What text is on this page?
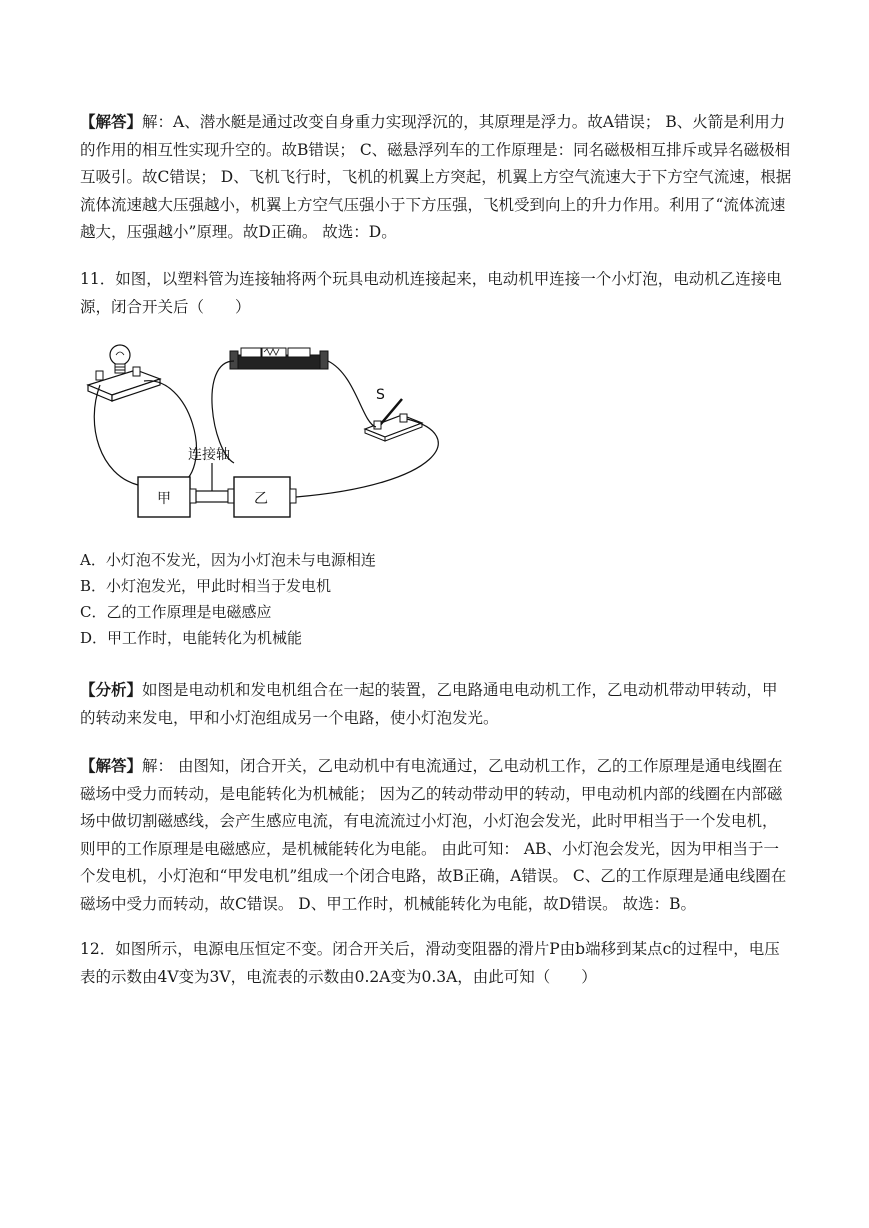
【解答】解：A、潜水艇是通过改变自身重力实现浮沉的，其原理是浮力。故A错误； B、火箭是利用力的作用的相互性实现升空的。故B错误； C、磁悬浮列车的工作原理是：同名磁极相互排斥或异名磁极相互吸引。故C错误； D、飞机飞行时，飞机的机翼上方突起，机翼上方空气流速大于下方空气流速，根据流体流速越大压强越小，机翼上方空气压强小于下方压强，飞机受到向上的升力作用。利用了“流体流速越大，压强越小”原理。故D正确。 故选：D。

11．如图，以塑料管为连接轴将两个玩具电动机连接起来，电动机甲连接一个小灯泡，电动机乙连接电源，闭合开关后（　　）

S
甲
连接轴
乙

A．小灯泡不发光，因为小灯泡未与电源相连

B．小灯泡发光，甲此时相当于发电机

C．乙的工作原理是电磁感应

D．甲工作时，电能转化为机械能

【分析】如图是电动机和发电机组合在一起的装置，乙电路通电电动机工作，乙电动机带动甲转动，甲的转动来发电，甲和小灯泡组成另一个电路，使小灯泡发光。

【解答】解： 由图知，闭合开关，乙电动机中有电流通过，乙电动机工作，乙的工作原理是通电线圈在磁场中受力而转动，是电能转化为机械能； 因为乙的转动带动甲的转动，甲电动机内部的线圈在内部磁场中做切割磁感线，会产生感应电流，有电流流过小灯泡，小灯泡会发光，此时甲相当于一个发电机，则甲的工作原理是电磁感应，是机械能转化为电能。 由此可知： AB、小灯泡会发光，因为甲相当于一个发电机，小灯泡和“甲发电机”组成一个闭合电路，故B正确，A错误。 C、乙的工作原理是通电线圈在磁场中受力而转动，故C错误。 D、甲工作时，机械能转化为电能，故D错误。 故选：B。

12．如图所示，电源电压恒定不变。闭合开关后，滑动变阻器的滑片P由b端移到某点c的过程中，电压表的示数由4V变为3V，电流表的示数由0.2A变为0.3A，由此可知（　　）
